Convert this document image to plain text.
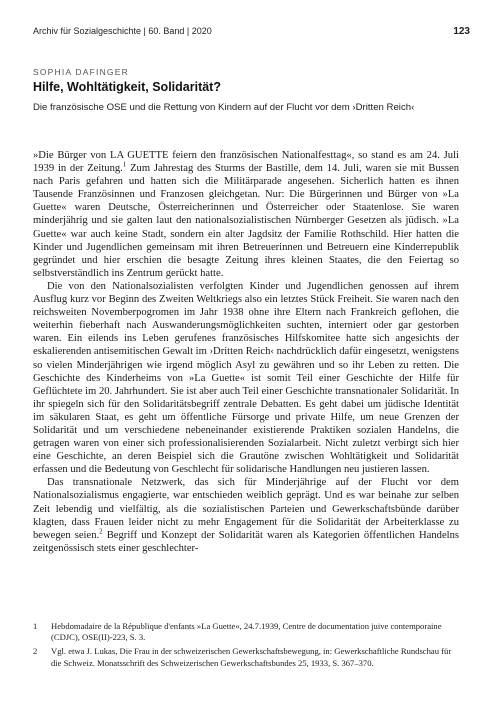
Archiv für Sozialgeschichte | 60. Band | 2020	123
SOPHIA DAFINGER
Hilfe, Wohltätigkeit, Solidarität?
Die französische OSE und die Rettung von Kindern auf der Flucht vor dem ›Dritten Reich‹

»Die Bürger von LA GUETTE feiern den französischen Nationalfesttag«, so stand es am 24. Juli 1939 in der Zeitung.$^1$ Zum Jahrestag des Sturms der Bastille, dem 14. Juli, waren sie mit Bussen nach Paris gefahren und hatten sich die Militärparade angesehen. Sicherlich hatten es ihnen Tausende Französinnen und Franzosen gleichgetan. Nur: Die Bürgerinnen und Bürger von »La Guette« waren Deutsche, Österreicherinnen und Österreicher oder Staatenlose. Sie waren minderjährig und sie galten laut den nationalsozialistischen Nürnberger Gesetzen als jüdisch. »La Guette« war auch keine Stadt, sondern ein alter Jagdsitz der Familie Rothschild. Hier hatten die Kinder und Jugendlichen gemeinsam mit ihren Betreuerinnen und Betreuern eine Kinderrepublik gegründet und hier erschien die besagte Zeitung ihres kleinen Staates, die den Feiertag so selbstverständlich ins Zentrum gerückt hatte.

Die von den Nationalsozialisten verfolgten Kinder und Jugendlichen genossen auf ihrem Ausflug kurz vor Beginn des Zweiten Weltkriegs also ein letztes Stück Freiheit. Sie waren nach den reichsweiten Novemberpogromen im Jahr 1938 ohne ihre Eltern nach Frankreich geflohen, die weiterhin fieberhaft nach Auswanderungsmöglichkeiten suchten, interniert oder gar gestorben waren. Ein eilends ins Leben gerufenes französisches Hilfskomitee hatte sich angesichts der eskalierenden antisemitischen Gewalt im ›Dritten Reich‹ nachdrücklich dafür eingesetzt, wenigstens so vielen Minderjährigen wie irgend möglich Asyl zu gewähren und so ihr Leben zu retten. Die Geschichte des Kinderheims von »La Guette« ist somit Teil einer Geschichte der Hilfe für Geflüchtete im 20. Jahrhundert. Sie ist aber auch Teil einer Geschichte transnationaler Solidarität. In ihr spiegeln sich für den Solidaritätsbegriff zentrale Debatten. Es geht dabei um jüdische Identität im säkularen Staat, es geht um öffentliche Fürsorge und private Hilfe, um neue Grenzen der Solidarität und um verschiedene nebeneinander existierende Praktiken sozialen Handelns, die getragen waren von einer sich professionalisierenden Sozialarbeit. Nicht zuletzt verbirgt sich hier eine Geschichte, an deren Beispiel sich die Grautöne zwischen Wohltätigkeit und Solidarität erfassen und die Bedeutung von Geschlecht für solidarische Handlungen neu justieren lassen.

Das transnationale Netzwerk, das sich für Minderjährige auf der Flucht vor dem Nationalsozialismus engagierte, war entschieden weiblich geprägt. Und es war beinahe zur selben Zeit lebendig und vielfältig, als die sozialistischen Parteien und Gewerkschaftsbünde darüber klagten, dass Frauen leider nicht zu mehr Engagement für die Solidarität der Arbeiterklasse zu bewegen seien.$^2$ Begriff und Konzept der Solidarität waren als Kategorien öffentlichen Handelns zeitgenössisch stets einer geschlechter-

1	Hebdomadaire de la République d'enfants »La Guette«, 24.7.1939, Centre de documentation juive contemporaine (CDJC), OSE(II)-223, S. 3.
2	Vgl. etwa J. Lukas, Die Frau in der schweizerischen Gewerkschaftsbewegung, in: Gewerkschaftliche Rundschau für die Schweiz. Monatsschrift des Schweizerischen Gewerkschaftsbundes 25, 1933, S. 367–370.
